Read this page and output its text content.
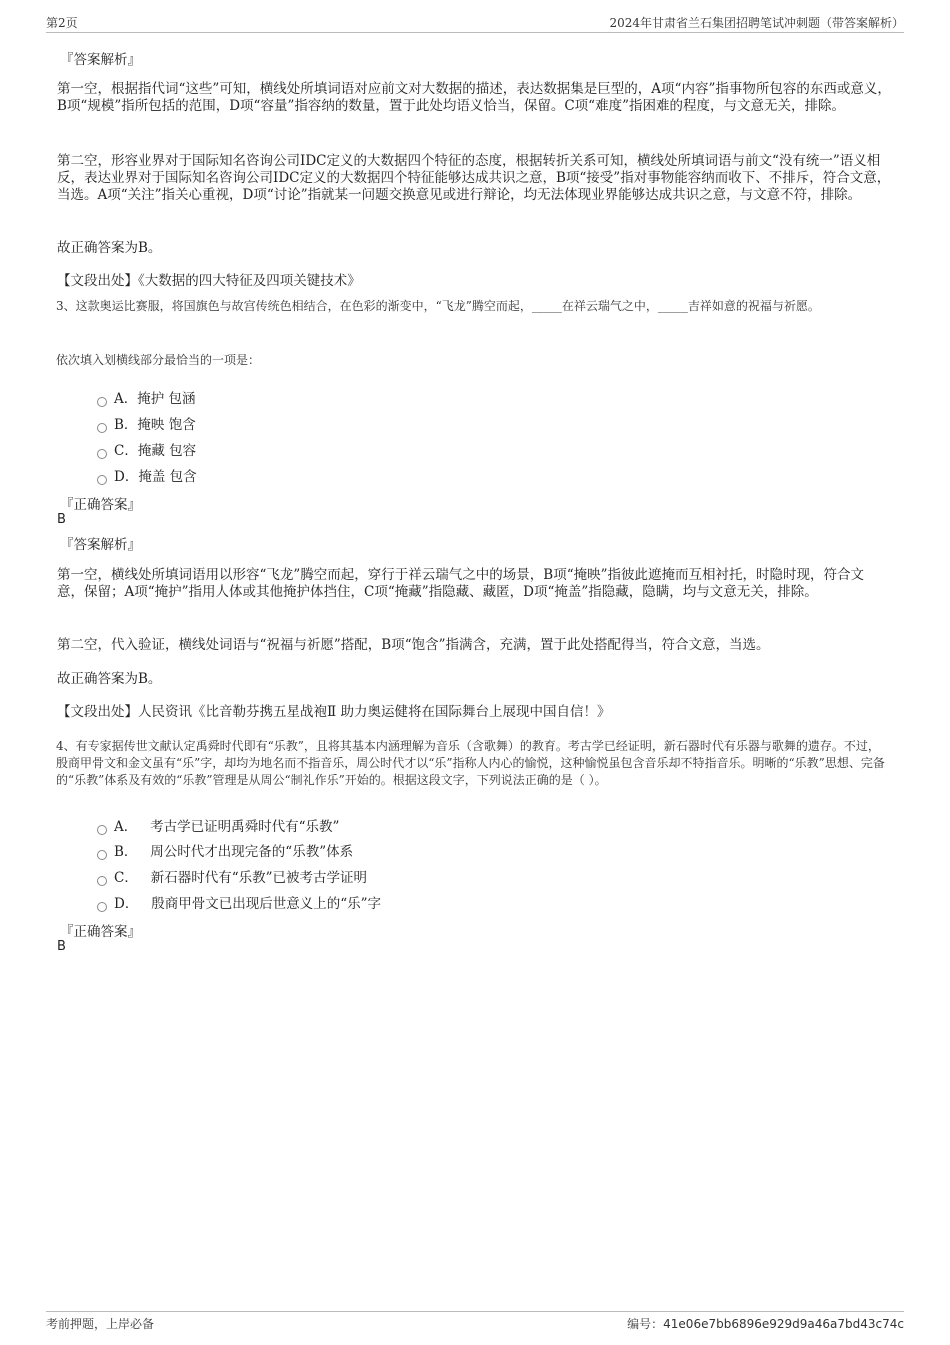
第2页	2024年甘肃省兰石集团招聘笔试冲刺题（带答案解析）
『答案解析』
第一空，根据指代词“这些”可知，横线处所填词语对应前文对大数据的描述，表达数据集是巨型的，A项“内容”指事物所包容的东西或意义，B项“规模”指所包括的范围，D项“容量”指容纳的数量，置于此处均语义恰当，保留。C项“难度”指困难的程度，与文意无关，排除。
第二空，形容业界对于国际知名咨询公司IDC定义的大数据四个特征的态度，根据转折关系可知，横线处所填词语与前文“没有统一”语义相反，表达业界对于国际知名咨询公司IDC定义的大数据四个特征能够达成共识之意，B项“接受”指对事物能容纳而收下、不排斥，符合文意，当选。A项“关注”指关心重视，D项“讨论”指就某一问题交换意见或进行辩论，均无法体现业界能够达成共识之意，与文意不符，排除。
故正确答案为B。
【文段出处】《大数据的四大特征及四项关键技术》
3、这款奥运比赛服，将国旗色与故宫传统色相结合，在色彩的渐变中，“飞龙”腾空而起，_____在祥云瑞气之中，_____吉祥如意的祝福与祈愿。
依次填入划横线部分最恰当的一项是：
A．掩护 包涵
B．掩映 饱含
C．掩藏 包容
D．掩盖 包含
『正确答案』
B
『答案解析』
第一空，横线处所填词语用以形容“飞龙”腾空而起，穿行于祥云瑞气之中的场景，B项“掩映”指彼此遮掩而互相衬托，时隐时现，符合文意，保留；A项“掩护”指用人体或其他掩护体挡住，C项“掩藏”指隐藏、藏匿，D项“掩盖”指隐藏，隐瞒，均与文意无关，排除。
第二空，代入验证，横线处词语与“祝福与祈愿”搭配，B项“饱含”指满含，充满，置于此处搭配得当，符合文意，当选。
故正确答案为B。
【文段出处】人民资讯《比音勒芬携五星战袍Ⅱ 助力奥运健将在国际舞台上展现中国自信！》
4、有专家据传世文献认定禹舜时代即有“乐教”，且将其基本内涵理解为音乐（含歌舞）的教育。考古学已经证明，新石器时代有乐器与歌舞的遗存。不过，殷商甲骨文和金文虽有“乐”字，却均为地名而不指音乐，周公时代才以“乐”指称人内心的愉悦，这种愉悦虽包含音乐却不特指音乐。明晰的“乐教”思想、完备的“乐教”体系及有效的“乐教”管理是从周公“制礼作乐”开始的。根据这段文字，下列说法正确的是（ ）。
A．   考古学已证明禹舜时代有“乐教”
B．   周公时代才出现完备的“乐教”体系
C．   新石器时代有“乐教”已被考古学证明
D．   殷商甲骨文已出现后世意义上的“乐”字
『正确答案』
B
考前押题，上岸必备	编号：41e06e7bb6896e929d9a46a7bd43c74c
